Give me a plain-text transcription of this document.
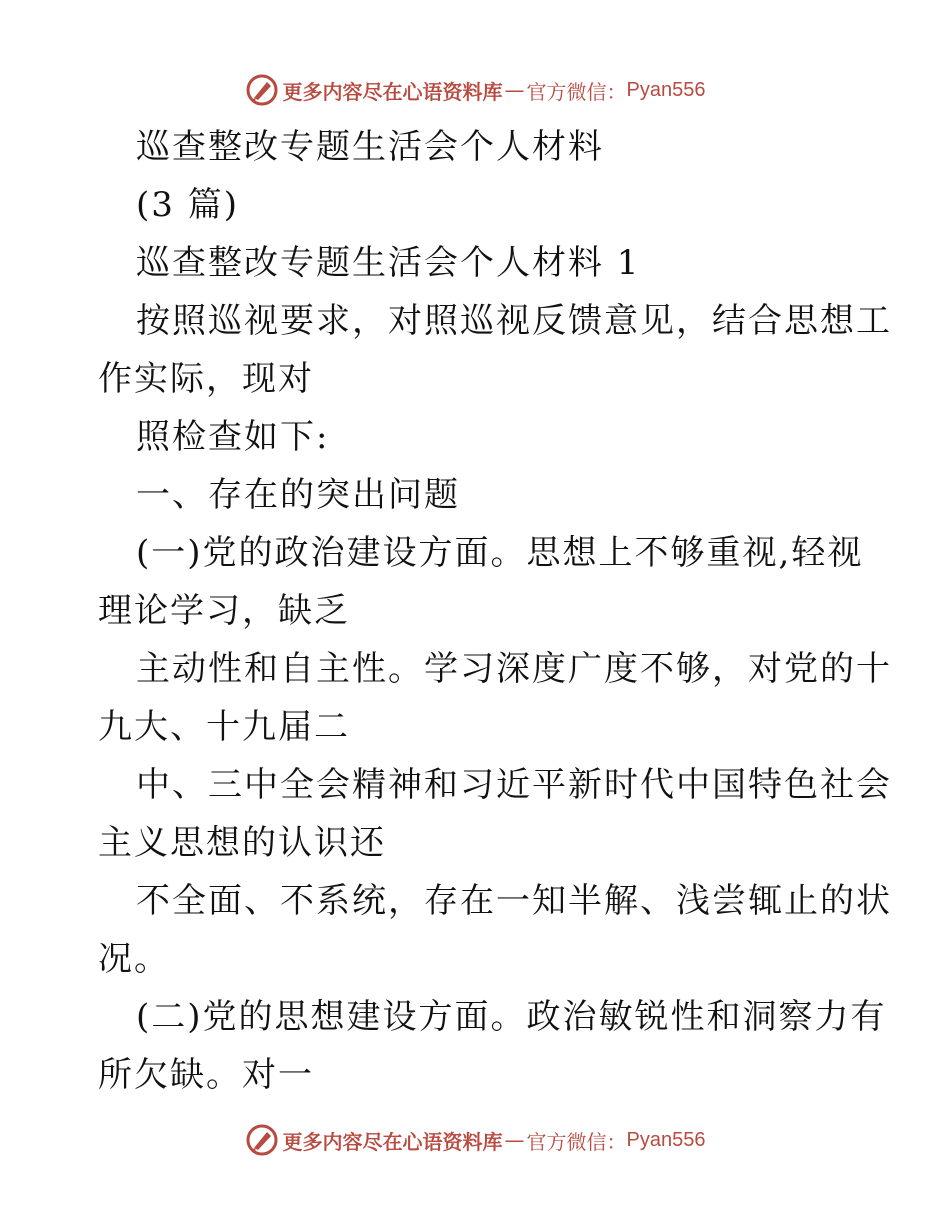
更多内容尽在心语资料库 — 官方微信： Pyan556
巡查整改专题生活会个人材料
(3 篇)
巡查整改专题生活会个人材料 1
按照巡视要求，对照巡视反馈意见，结合思想工
作实际，现对
照检查如下:
一、存在的突出问题
(一)党的政治建设方面。思想上不够重视,轻视
理论学习，缺乏
主动性和自主性。学习深度广度不够，对党的十
九大、十九届二
中、三中全会精神和习近平新时代中国特色社会
主义思想的认识还
不全面、不系统，存在一知半解、浅尝辄止的状
况。
(二)党的思想建设方面。政治敏锐性和洞察力有
所欠缺。对一
更多内容尽在心语资料库 — 官方微信： Pyan556
